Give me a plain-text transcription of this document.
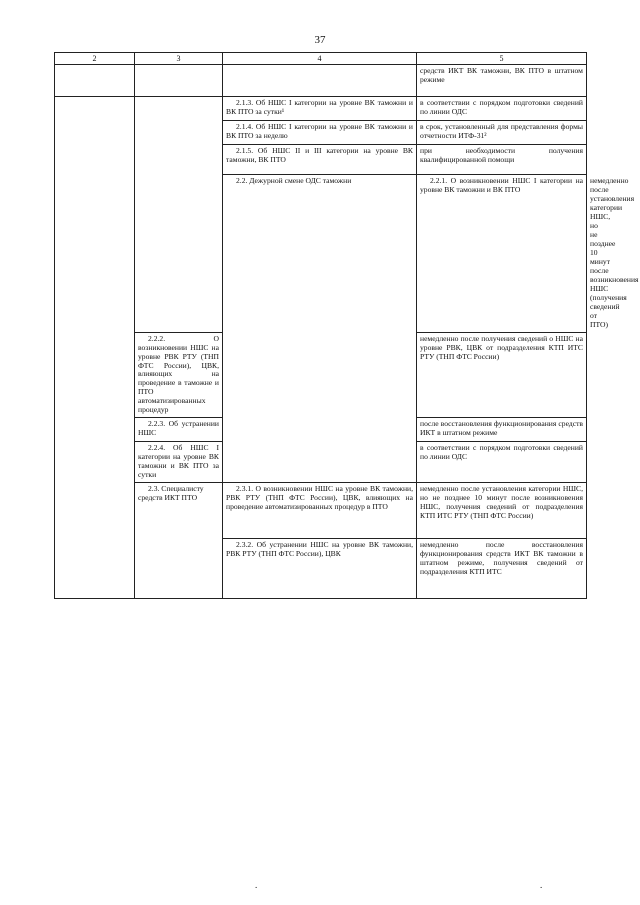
37
2	3	4	5	
			средств ИКТ ВК таможни, ВК ПТО в штатном режиме	
		2.1.3. Об НШС I категории на уровне ВК таможни и ВК ПТО за сутки¹	в соответствии с порядком подготовки сведений по линии ОДС	
		2.1.4. Об НШС I категории на уровне ВК таможни и ВК ПТО за неделю	в срок, установленный для представления формы отчетности ИТФ-31²	
		2.1.5. Об НШС II и III категории на уровне ВК таможни, ВК ПТО	при необходимости получения квалифицированной помощи	
		2.2. Дежурной смене ОДС таможни	2.2.1. О возникновении НШС I категории на уровне ВК таможни и ВК ПТО	немедленно после установления категории НШС, но не позднее 10 минут после возникновения НШС (получения сведений от ПТО)
	2.2.2. О возникновении НШС на уровне РВК РТУ (ТНП ФТС России), ЦВК, влияющих на проведение в таможне и ПТО автоматизированных процедур		немедленно после получения сведений о НШС на уровне РВК, ЦВК от подразделения КТП ИТС РТУ (ТНП ФТС России)	
	2.2.3. Об устранении НШС		после восстановления функционирования средств ИКТ в штатном режиме	
	2.2.4. Об НШС I категории на уровне ВК таможни и ВК ПТО за сутки		в соответствии с порядком подготовки сведений по линии ОДС	
	2.3. Специалисту средств ИКТ ПТО	2.3.1. О возникновении НШС на уровне ВК таможни, РВК РТУ (ТНП ФТС России), ЦВК, влияющих на проведение автоматизированных процедур в ПТО	немедленно после установления категории НШС, но не позднее 10 минут после возникновения НШС, получения сведений от подразделения КТП ИТС РТУ (ТНП ФТС России)	
		2.3.2. Об устранении НШС на уровне ВК таможни, РВК РТУ (ТНП ФТС России), ЦВК	немедленно после восстановления функционирования средств ИКТ ВК таможни в штатном режиме, получения сведений от подразделения КТП ИТС	
.	.
